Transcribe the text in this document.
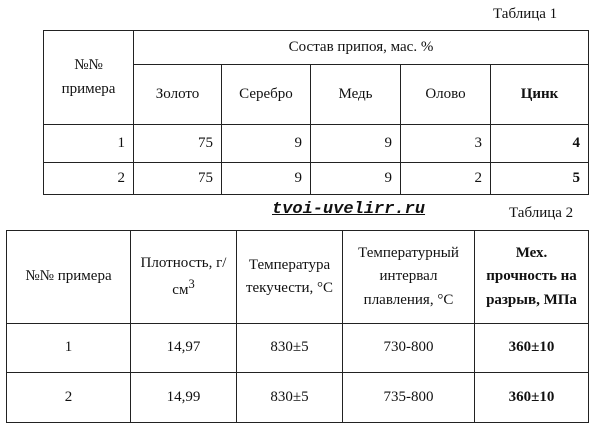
Таблица 1
№№ примера	Состав припоя, мас. %				
	Золото	Серебро	Медь	Олово	Цинк
1	75	9	9	3	4
2	75	9	9	2	5
tvoi-uvelirr.ru	Таблица 2
№№ примера	Плотность, $г/см^3$	Температура текучести, °С	Температурный интервал плавления, °С	Мех. прочность на разрыв, МПа
1	14,97	830±5	730-800	360±10
2	14,99	830±5	735-800	360±10
